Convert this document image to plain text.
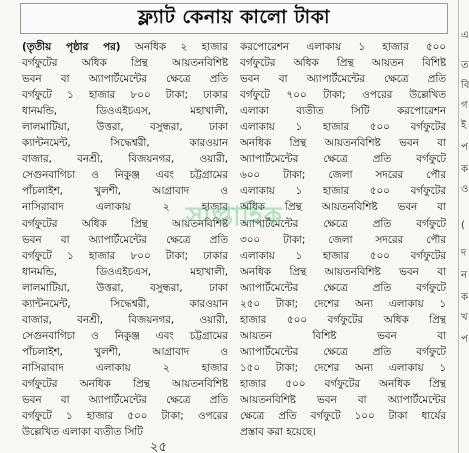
ফ্ল্যাট কেনায় কালো টাকা
(তৃতীয় পৃষ্ঠার পর) অনধিক ২ হাজার
বর্গফুটের অধিক প্রিন্থ আয়তনবিশিষ্ট
ভবন বা অ্যাপার্টমেন্টের ক্ষেত্রে প্রতি
বর্গফুটে ১ হাজার ৮০০ টাকা; ঢাকার
ধানমন্ডি, ডিওএইচএস, মহাখালী,
লালমাটিয়া, উত্তরা, বসুন্ধরা, ঢাকা
ক্যান্টনমেন্ট, সিদ্ধেশ্বরী, কারওয়ান
বাজার, বনশ্রী, বিজয়নগর, ওয়ারী,
সেগুনবাগিচা ও নিকুঞ্জ এবং চট্টগ্রামের
পাঁচলাইশ, খুলশী, আগ্রাবাদ ও
নাসিরাবাদ এলাকায় ২ হাজার
বর্গফুটের অধিক প্রিন্থ আয়তনবিশিষ্ট
ভবন বা অ্যাপার্টমেন্টের ক্ষেত্রে প্রতি
বর্গফুটে ১ হাজার ৮০০ টাকা; ঢাকার
ধানমন্ডি, ডিওএইচএস, মহাখালী,
লালমাটিয়া, উত্তরা, বসুন্ধরা, ঢাকা
ক্যান্টনমেন্ট, সিদ্ধেশ্বরী, কারওয়ান
বাজার, বনশ্রী, বিজয়নগর, ওয়ারী,
সেগুনবাগিচা ও নিকুঞ্জ এবং চট্টগ্রামের
পাঁচলাইশ, খুলশী, আগ্রাবাদ ও
নাসিরাবাদ এলাকায় ২ হাজার
বর্গফুটের অনধিক প্রিন্থ আয়তনবিশিষ্ট
ভবন বা অ্যাপার্টমেন্টের ক্ষেত্রে প্রতি
বর্গফুটে ১ হাজার ৫০০ টাকা; ওপরের
উল্লেখিত এলাকা ব্যতীত সিটি
করপোরেশন এলাকায় ১ হাজার ৫০০
বর্গফুটের অধিক প্রিন্থ আয়তন বিশিষ্ট
ভবন বা অ্যাপার্টমেন্টের ক্ষেত্রে প্রতি
বর্গফুটে ৭০০ টাকা; ওপরের উল্লেখিত
এলাকা ব্যতীত সিটি করপোরেশন
এলাকায় ১ হাজার ৫০০ বর্গফুটের
অনধিক প্রিন্থ আয়তনবিশিষ্ট ভবন বা
অ্যাপার্টমেন্টের ক্ষেত্রে প্রতি বর্গফুটে
৬০০ টাকা; জেলা সদরের পৌর
এলাকায় ১ হাজার ৫০০ বর্গফুটের
অধিক প্রিন্থ আয়তনবিশিষ্ট ভবন বা
অ্যাপার্টমেন্টের ক্ষেত্রে প্রতি বর্গফুটে
৩০০ টাকা; জেলা সদরের পৌর
এলাকায় ১ হাজার ৫০০ বর্গফুটের
অনধিক প্রিন্থ আয়তনবিশিষ্ট ভবন বা
অ্যাপার্টমেন্টের ক্ষেত্রে প্রতি বর্গফুটে
২৫০ টাকা; দেশের অন্য এলাকায় ১
হাজার ৫০০ বর্গফুটের অধিক প্রিন্থ
আয়তন বিশিষ্ট ভবন বা
অ্যাপার্টমেন্টের ক্ষেত্রে প্রতি বর্গফুটে
১৫০ টাকা; দেশের অন্য এলাকায় ১
হাজার ৫০০ বর্গফুটের অনধিক প্রিন্থ
আয়তনবিশিষ্ট ভবন বা অ্যাপার্টমেন্টের
ক্ষেত্রে প্রতি বর্গফুটে ১০০ টাকা ধার্যের
প্রস্তাব করা হয়েছে।
সাপ্তাহিক
২৫
এ
ত
বি
গ
ই
প
ক
ও
(
দ
ন
ক
খ
প
